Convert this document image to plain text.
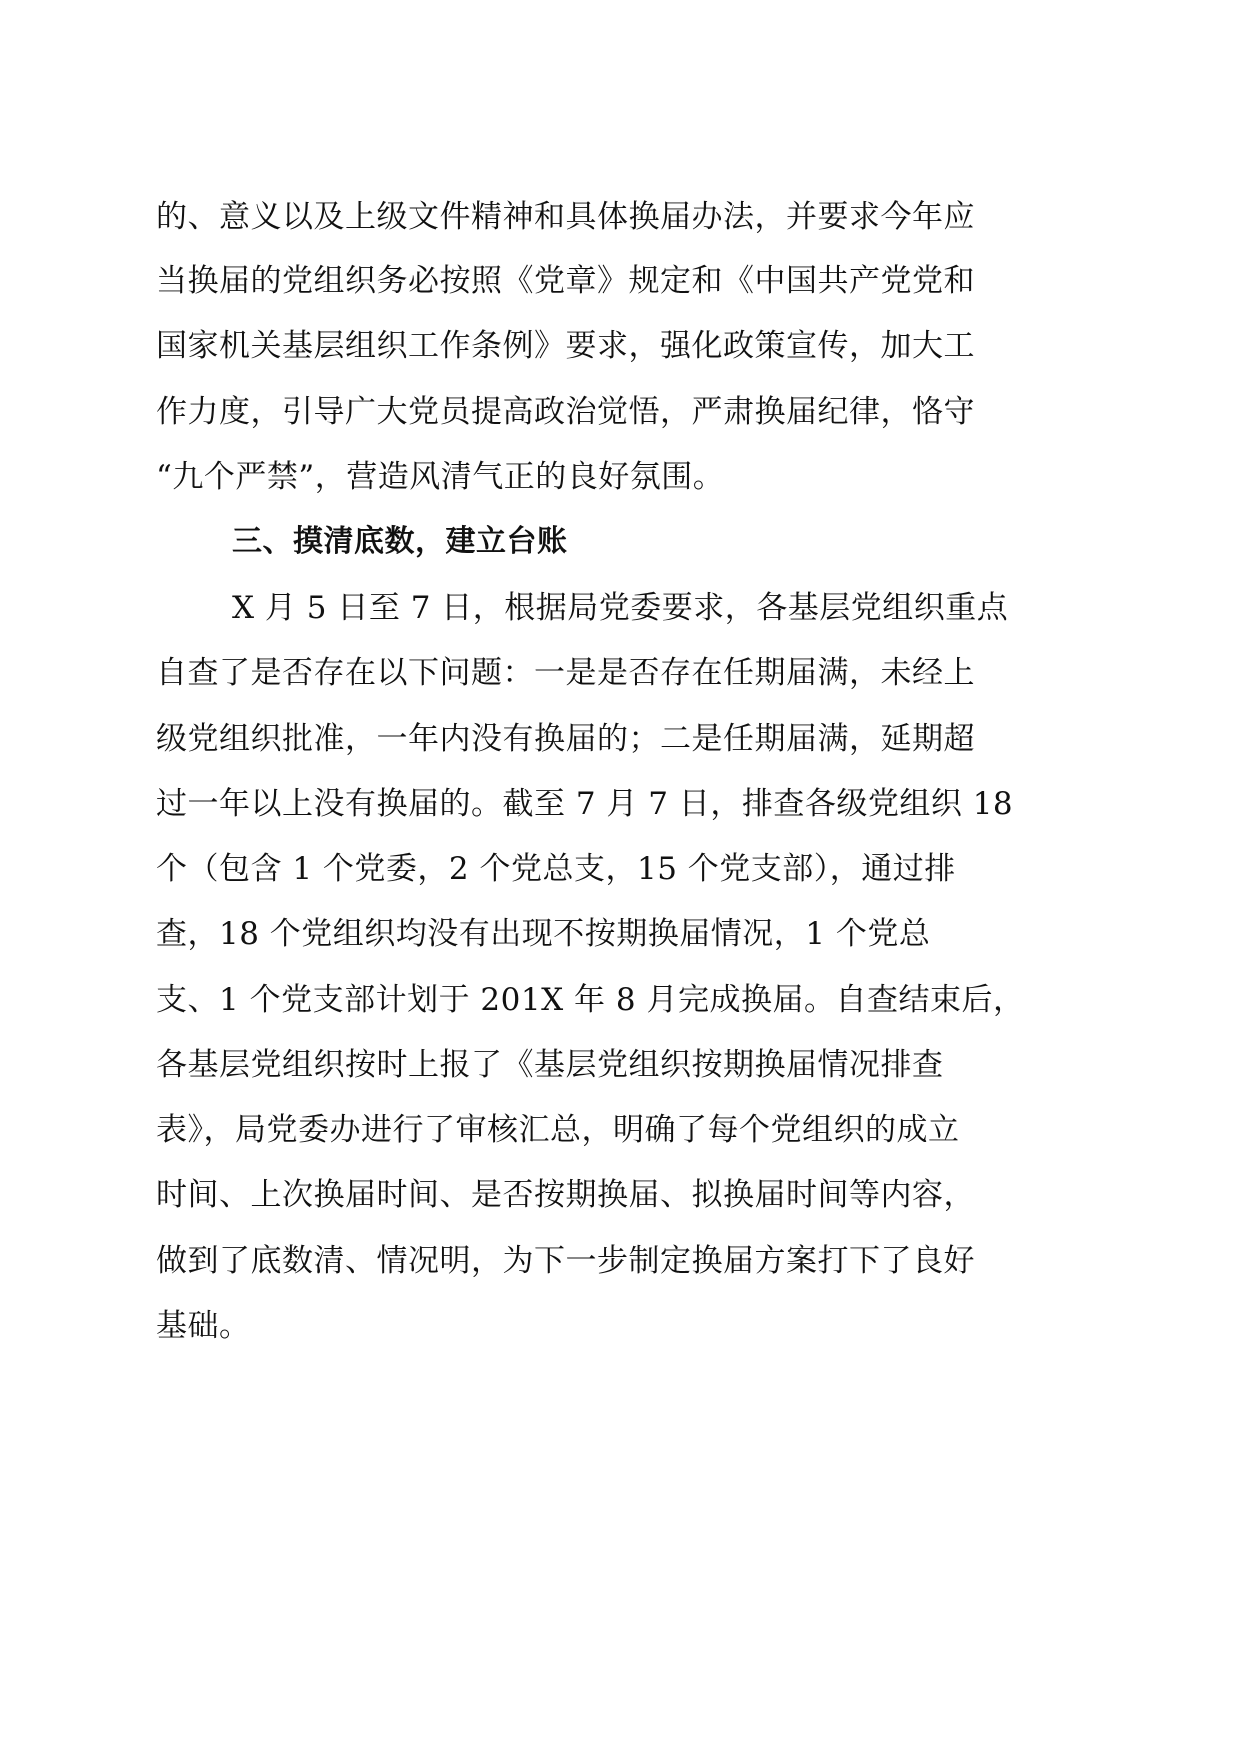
的、意义以及上级文件精神和具体换届办法，并要求今年应
当换届的党组织务必按照《党章》规定和《中国共产党党和
国家机关基层组织工作条例》要求，强化政策宣传，加大工
作力度，引导广大党员提高政治觉悟，严肃换届纪律，恪守
“九个严禁”，营造风清气正的良好氛围。
三、摸清底数，建立台账
X 月 5 日至 7 日，根据局党委要求，各基层党组织重点
自查了是否存在以下问题：一是是否存在任期届满，未经上
级党组织批准，一年内没有换届的；二是任期届满，延期超
过一年以上没有换届的。截至 7 月 7 日，排查各级党组织 18
个（包含 1 个党委，2 个党总支，15 个党支部），通过排
查，18 个党组织均没有出现不按期换届情况，1 个党总
支、1 个党支部计划于 201X 年 8 月完成换届。自查结束后，
各基层党组织按时上报了《基层党组织按期换届情况排查
表》，局党委办进行了审核汇总，明确了每个党组织的成立
时间、上次换届时间、是否按期换届、拟换届时间等内容，
做到了底数清、情况明，为下一步制定换届方案打下了良好
基础。
